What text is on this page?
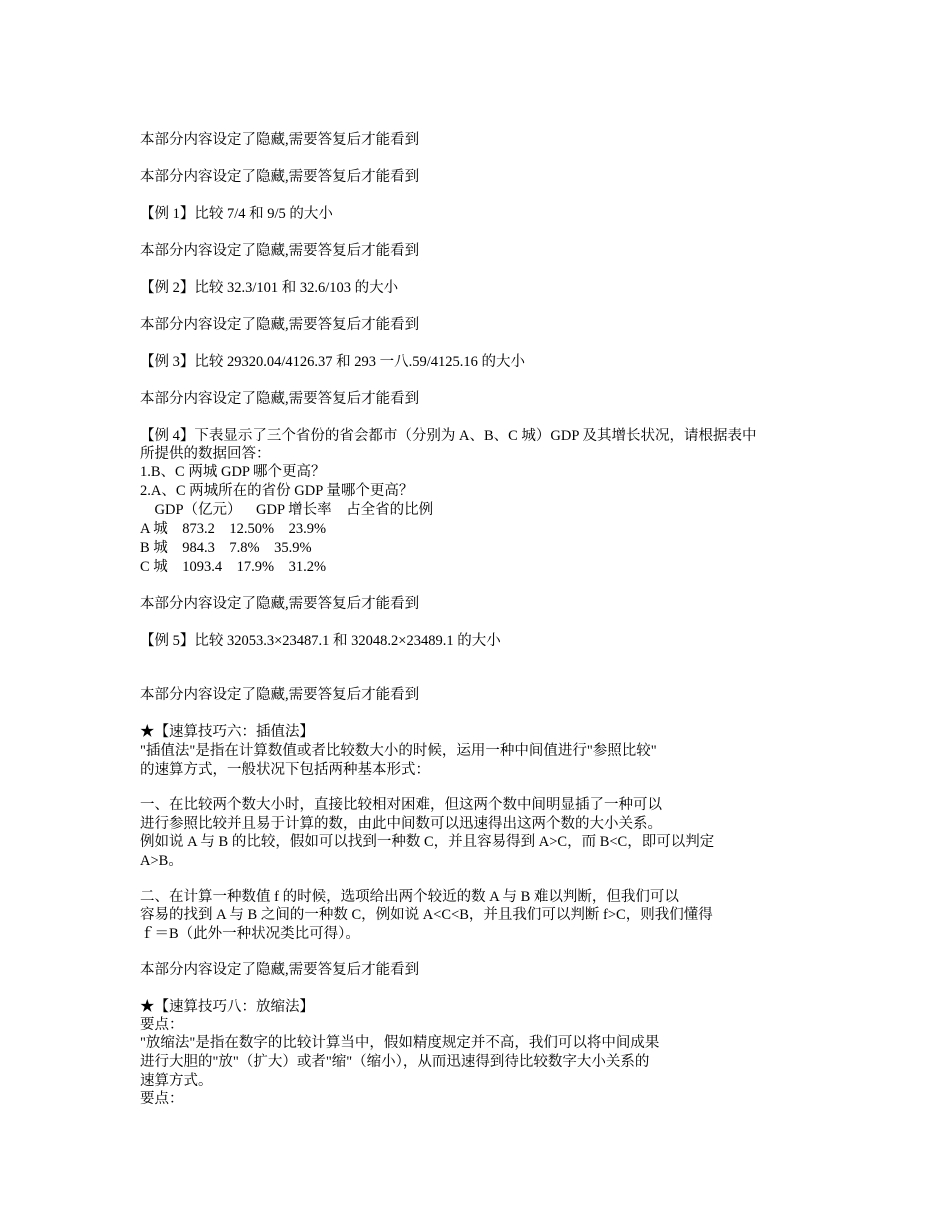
本部分内容设定了隐藏,需要答复后才能看到
本部分内容设定了隐藏,需要答复后才能看到
【例 1】比较 7/4 和 9/5 的大小
本部分内容设定了隐藏,需要答复后才能看到
【例 2】比较 32.3/101 和 32.6/103 的大小
本部分内容设定了隐藏,需要答复后才能看到
【例 3】比较 29320.04/4126.37 和 293 一八.59/4125.16 的大小
本部分内容设定了隐藏,需要答复后才能看到
【例 4】下表显示了三个省份的省会都市（分别为 A、B、C 城）GDP 及其增长状况，请根据表中
所提供的数据回答：
1.B、C 两城 GDP 哪个更高？
2.A、C 两城所在的省份 GDP 量哪个更高？
GDP（亿元）    GDP 增长率    占全省的比例
A 城    873.2    12.50%    23.9%
B 城    984.3    7.8%    35.9%
C 城    1093.4    17.9%    31.2%
本部分内容设定了隐藏,需要答复后才能看到
【例 5】比较 32053.3×23487.1 和 32048.2×23489.1 的大小
本部分内容设定了隐藏,需要答复后才能看到
★【速算技巧六：插值法】
"插值法"是指在计算数值或者比较数大小的时候，运用一种中间值进行"参照比较"
的速算方式，一般状况下包括两种基本形式：
一、在比较两个数大小时，直接比较相对困难，但这两个数中间明显插了一种可以
进行参照比较并且易于计算的数，由此中间数可以迅速得出这两个数的大小关系。
例如说 A 与 B 的比较，假如可以找到一种数 C，并且容易得到 A>C，而 B<C，即可以判定
A>B。
二、在计算一种数值 f 的时候，选项给出两个较近的数 A 与 B 难以判断，但我们可以
容易的找到 A 与 B 之间的一种数 C，例如说 A<C<B，并且我们可以判断 f>C，则我们懂得
ｆ＝B（此外一种状况类比可得）。
本部分内容设定了隐藏,需要答复后才能看到
★【速算技巧八：放缩法】
要点：
"放缩法"是指在数字的比较计算当中，假如精度规定并不高，我们可以将中间成果
进行大胆的"放"（扩大）或者"缩"（缩小），从而迅速得到待比较数字大小关系的
速算方式。
要点：
